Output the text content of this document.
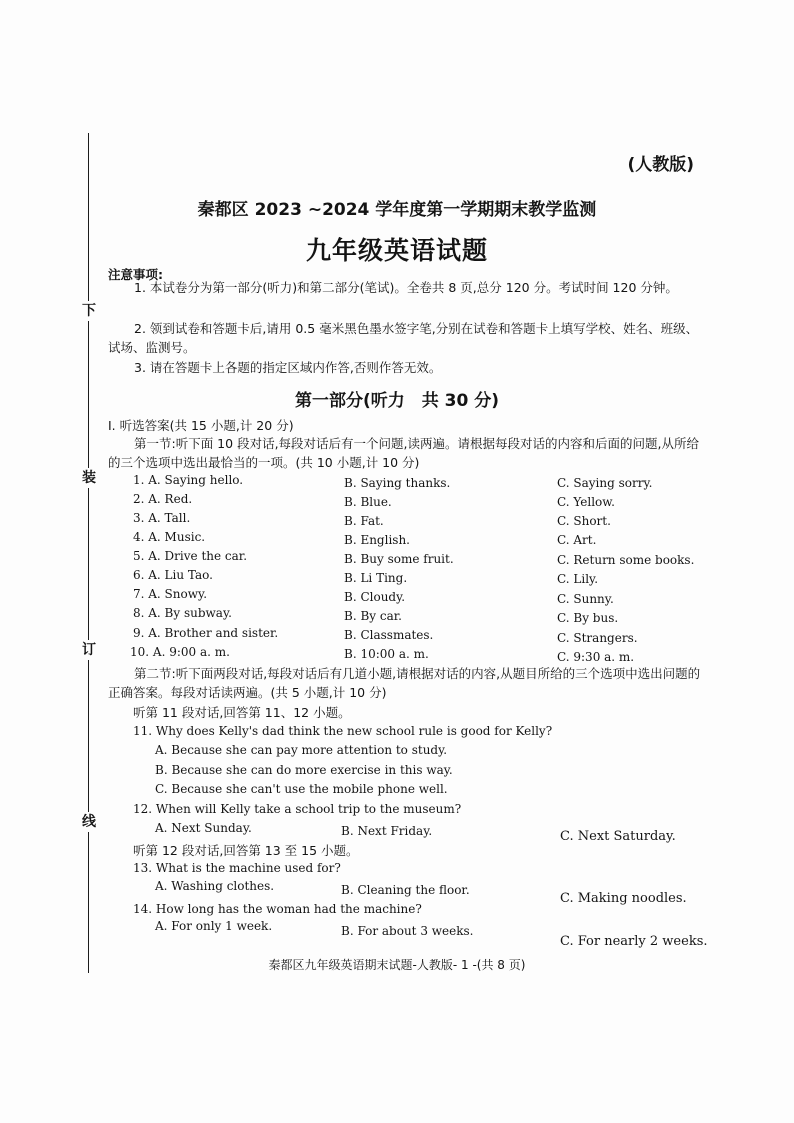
下
装
订
线
(人教版)
秦都区 2023 ~2024 学年度第一学期期末教学监测
九年级英语试题
注意事项:
1. 本试卷分为第一部分(听力)和第二部分(笔试)。全卷共 8 页,总分 120 分。考试时间 120 分钟。
2. 领到试卷和答题卡后,请用 0.5 毫米黑色墨水签字笔,分别在试卷和答题卡上填写学校、姓名、班级、试场、监测号。
3. 请在答题卡上各题的指定区域内作答,否则作答无效。
第一部分(听力　共 30 分)
Ⅰ. 听选答案(共 15 小题,计 20 分)
第一节:听下面 10 段对话,每段对话后有一个问题,读两遍。请根据每段对话的内容和后面的问题,从所给的三个选项中选出最恰当的一项。(共 10 小题,计 10 分)
1. A. Saying hello.	B. Saying thanks.	C. Saying sorry.
2. A. Red.	B. Blue.	C. Yellow.
3. A. Tall.	B. Fat.	C. Short.
4. A. Music.	B. English.	C. Art.
5. A. Drive the car.	B. Buy some fruit.	C. Return some books.
6. A. Liu Tao.	B. Li Ting.	C. Lily.
7. A. Snowy.	B. Cloudy.	C. Sunny.
8. A. By subway.	B. By car.	C. By bus.
9. A. Brother and sister.	B. Classmates.	C. Strangers.
10. A. 9:00 a. m.	B. 10:00 a. m.	C. 9:30 a. m.
第二节:听下面两段对话,每段对话后有几道小题,请根据对话的内容,从题目所给的三个选项中选出问题的正确答案。每段对话读两遍。(共 5 小题,计 10 分)
听第 11 段对话,回答第 11、12 小题。
11. Why does Kelly's dad think the new school rule is good for Kelly?
A. Because she can pay more attention to study.
B. Because she can do more exercise in this way.
C. Because she can't use the mobile phone well.
12. When will Kelly take a school trip to the museum?
A. Next Sunday.	B. Next Friday.	C. Next Saturday.
听第 12 段对话,回答第 13 至 15 小题。
13. What is the machine used for?
A. Washing clothes.	B. Cleaning the floor.
C. Making noodles.
14. How long has the woman had the machine?
A. For only 1 week.	B. For about 3 weeks.
C. For nearly 2 weeks.
秦都区九年级英语期末试题-人教版- 1 -(共 8 页)
